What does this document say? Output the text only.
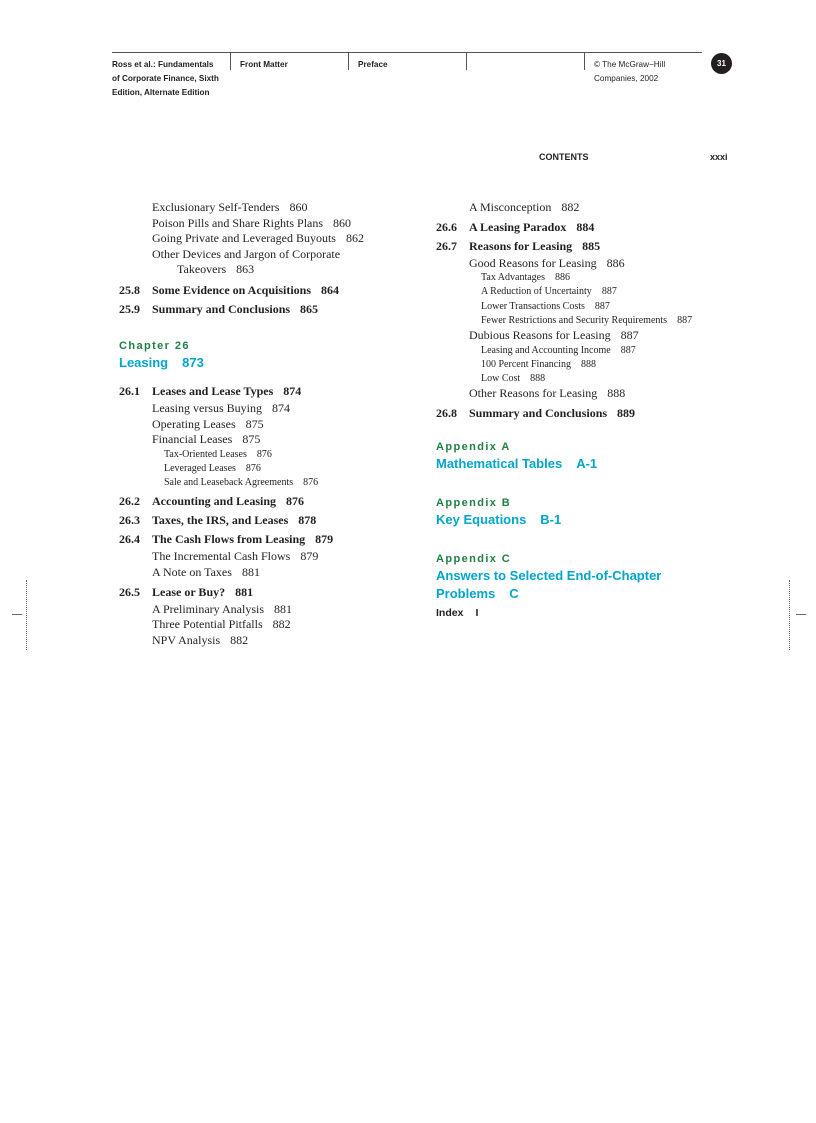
Ross et al.: Fundamentals
of Corporate Finance, Sixth
Edition, Alternate Edition
Front Matter	Preface	© The McGraw−Hill
Companies, 2002
31
CONTENTS	xxxi
Exclusionary Self-Tenders 860
Poison Pills and Share Rights Plans 860
Going Private and Leveraged Buyouts 862
Other Devices and Jargon of Corporate
Takeovers 863
25.8 Some Evidence on Acquisitions 864
25.9 Summary and Conclusions 865
Chapter 26
Leasing 873
26.1 Leases and Lease Types 874
Leasing versus Buying 874
Operating Leases 875
Financial Leases 875
Tax-Oriented Leases 876
Leveraged Leases 876
Sale and Leaseback Agreements 876
26.2 Accounting and Leasing 876
26.3 Taxes, the IRS, and Leases 878
26.4 The Cash Flows from Leasing 879
The Incremental Cash Flows 879
A Note on Taxes 881
26.5 Lease or Buy? 881
A Preliminary Analysis 881
Three Potential Pitfalls 882
NPV Analysis 882
A Misconception 882
26.6 A Leasing Paradox 884
26.7 Reasons for Leasing 885
Good Reasons for Leasing 886
Tax Advantages 886
A Reduction of Uncertainty 887
Lower Transactions Costs 887
Fewer Restrictions and Security Requirements 887
Dubious Reasons for Leasing 887
Leasing and Accounting Income 887
100 Percent Financing 888
Low Cost 888
Other Reasons for Leasing 888
26.8 Summary and Conclusions 889
Appendix A
Mathematical Tables A-1
Appendix B
Key Equations B-1
Appendix C
Answers to Selected End-of-Chapter Problems C
Index I
